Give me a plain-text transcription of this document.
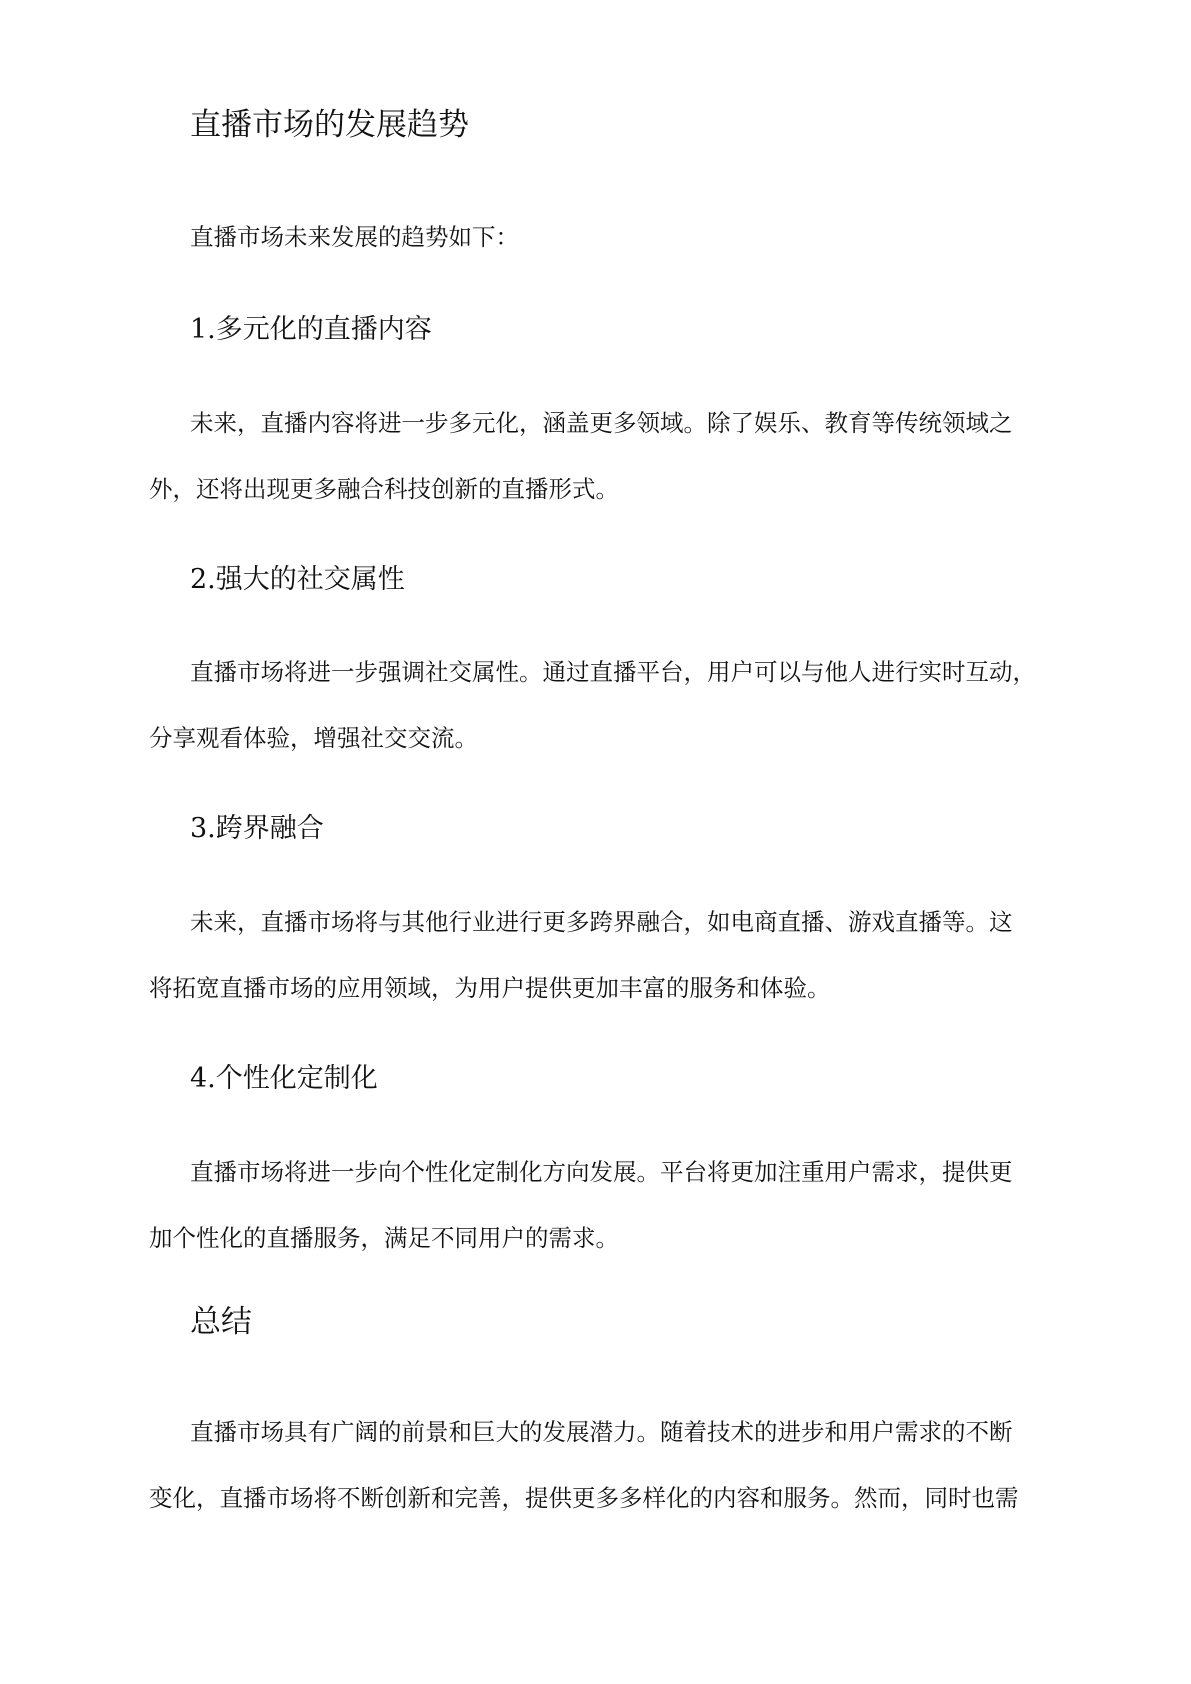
直播市场的发展趋势
直播市场未来发展的趋势如下：
1.多元化的直播内容
未来，直播内容将进一步多元化，涵盖更多领域。除了娱乐、教育等传统领域之
外，还将出现更多融合科技创新的直播形式。
2.强大的社交属性
直播市场将进一步强调社交属性。通过直播平台，用户可以与他人进行实时互动，
分享观看体验，增强社交交流。
3.跨界融合
未来，直播市场将与其他行业进行更多跨界融合，如电商直播、游戏直播等。这
将拓宽直播市场的应用领域，为用户提供更加丰富的服务和体验。
4.个性化定制化
直播市场将进一步向个性化定制化方向发展。平台将更加注重用户需求，提供更
加个性化的直播服务，满足不同用户的需求。
总结
直播市场具有广阔的前景和巨大的发展潜力。随着技术的进步和用户需求的不断
变化，直播市场将不断创新和完善，提供更多多样化的内容和服务。然而，同时也需
